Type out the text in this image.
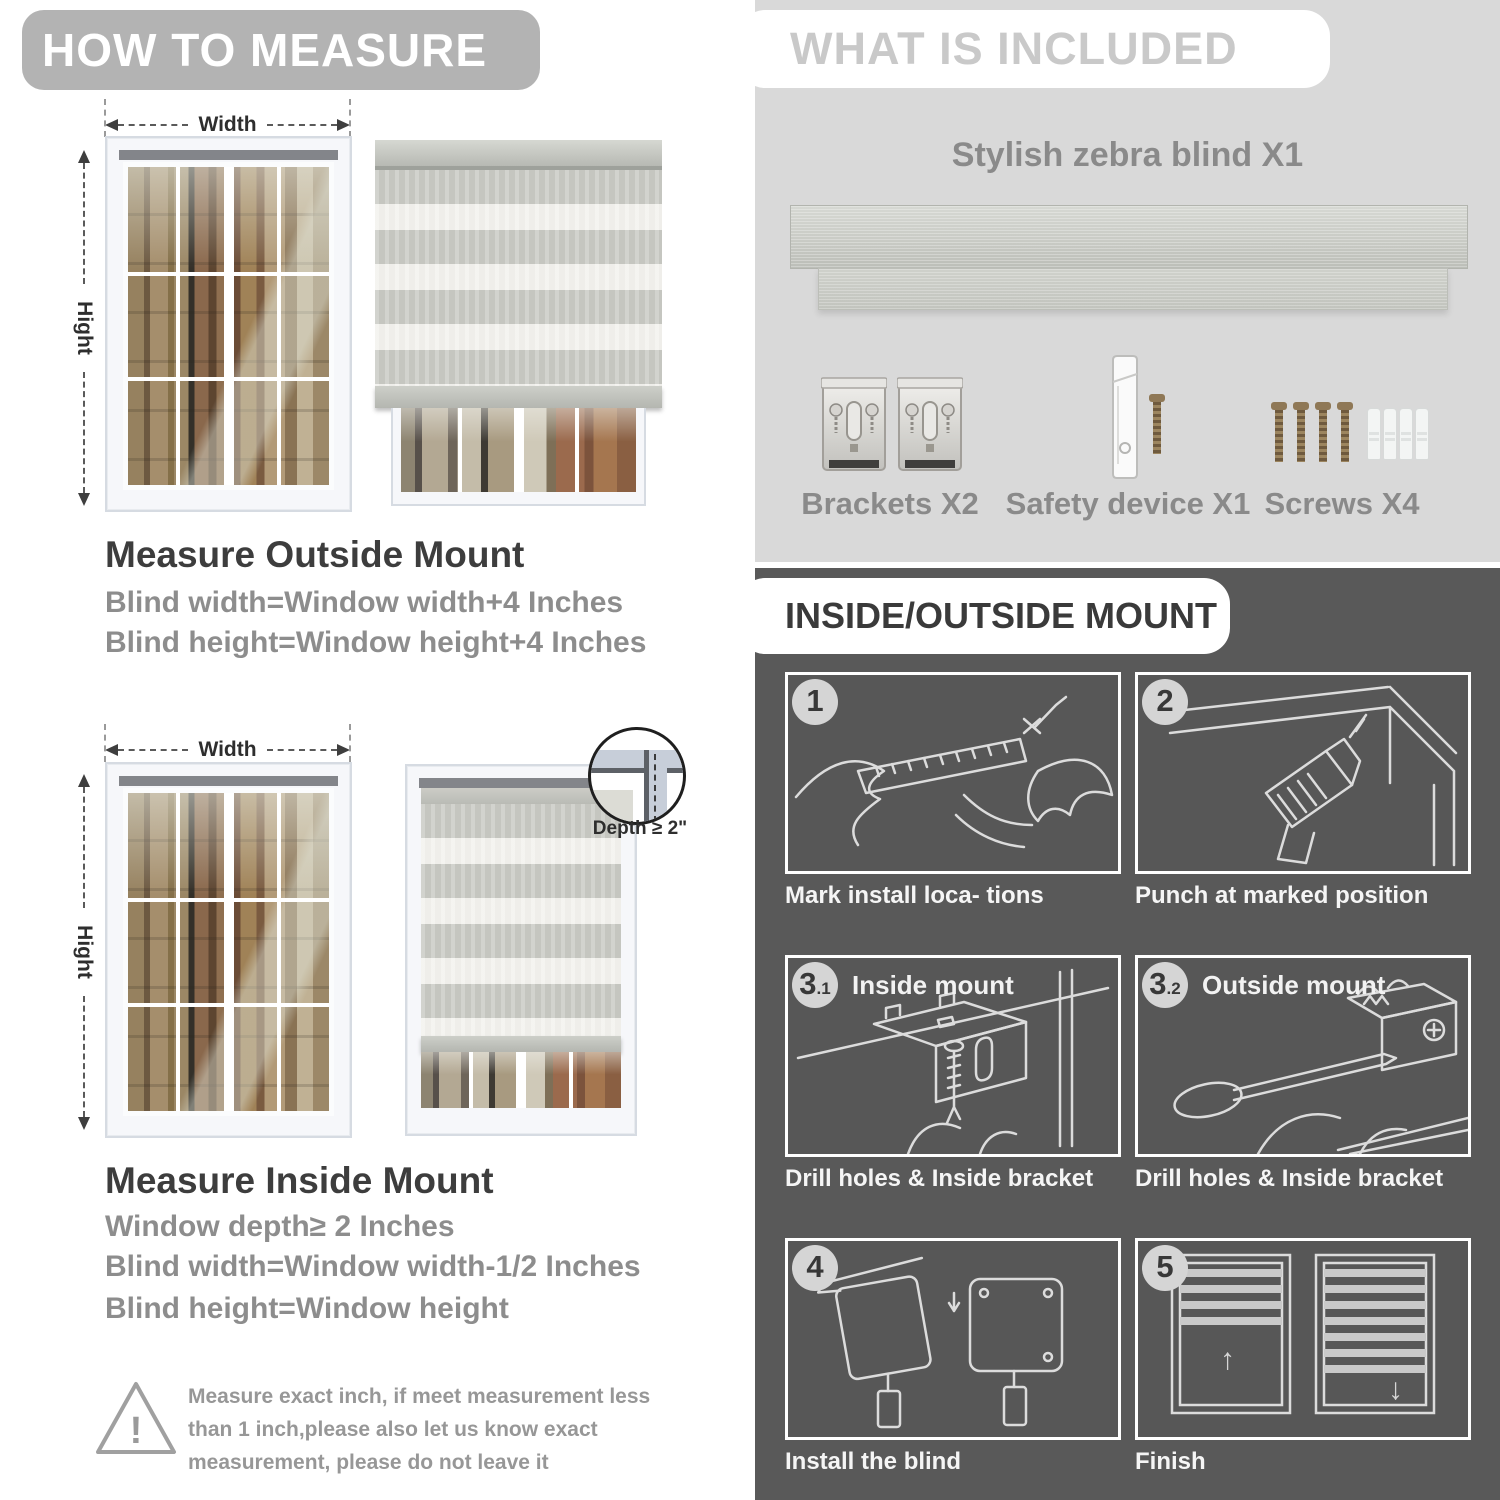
HOW TO MEASURE
Width
Hight
Measure Outside Mount
Blind width=Window width+4 Inches
Blind height=Window height+4 Inches
Width
Hight
Depth ≥ 2"
Measure Inside Mount
Window depth≥ 2 Inches
Blind width=Window width-1/2 Inches
Blind height=Window height
!
Measure exact inch, if meet measurement less
than 1 inch,please also let us know exact
measurement, please do not leave it
WHAT IS INCLUDED
Stylish zebra blind X1
Brackets X2 Safety device X1 Screws X4
INSIDE/OUTSIDE MOUNT
1
Mark install loca- tions
2
Punch at marked position
3 .1 Inside mount
Drill holes & Inside bracket
3 .2 Outside mount
Drill holes & Inside bracket
4
Install the blind
5
↑
↓
Finish
